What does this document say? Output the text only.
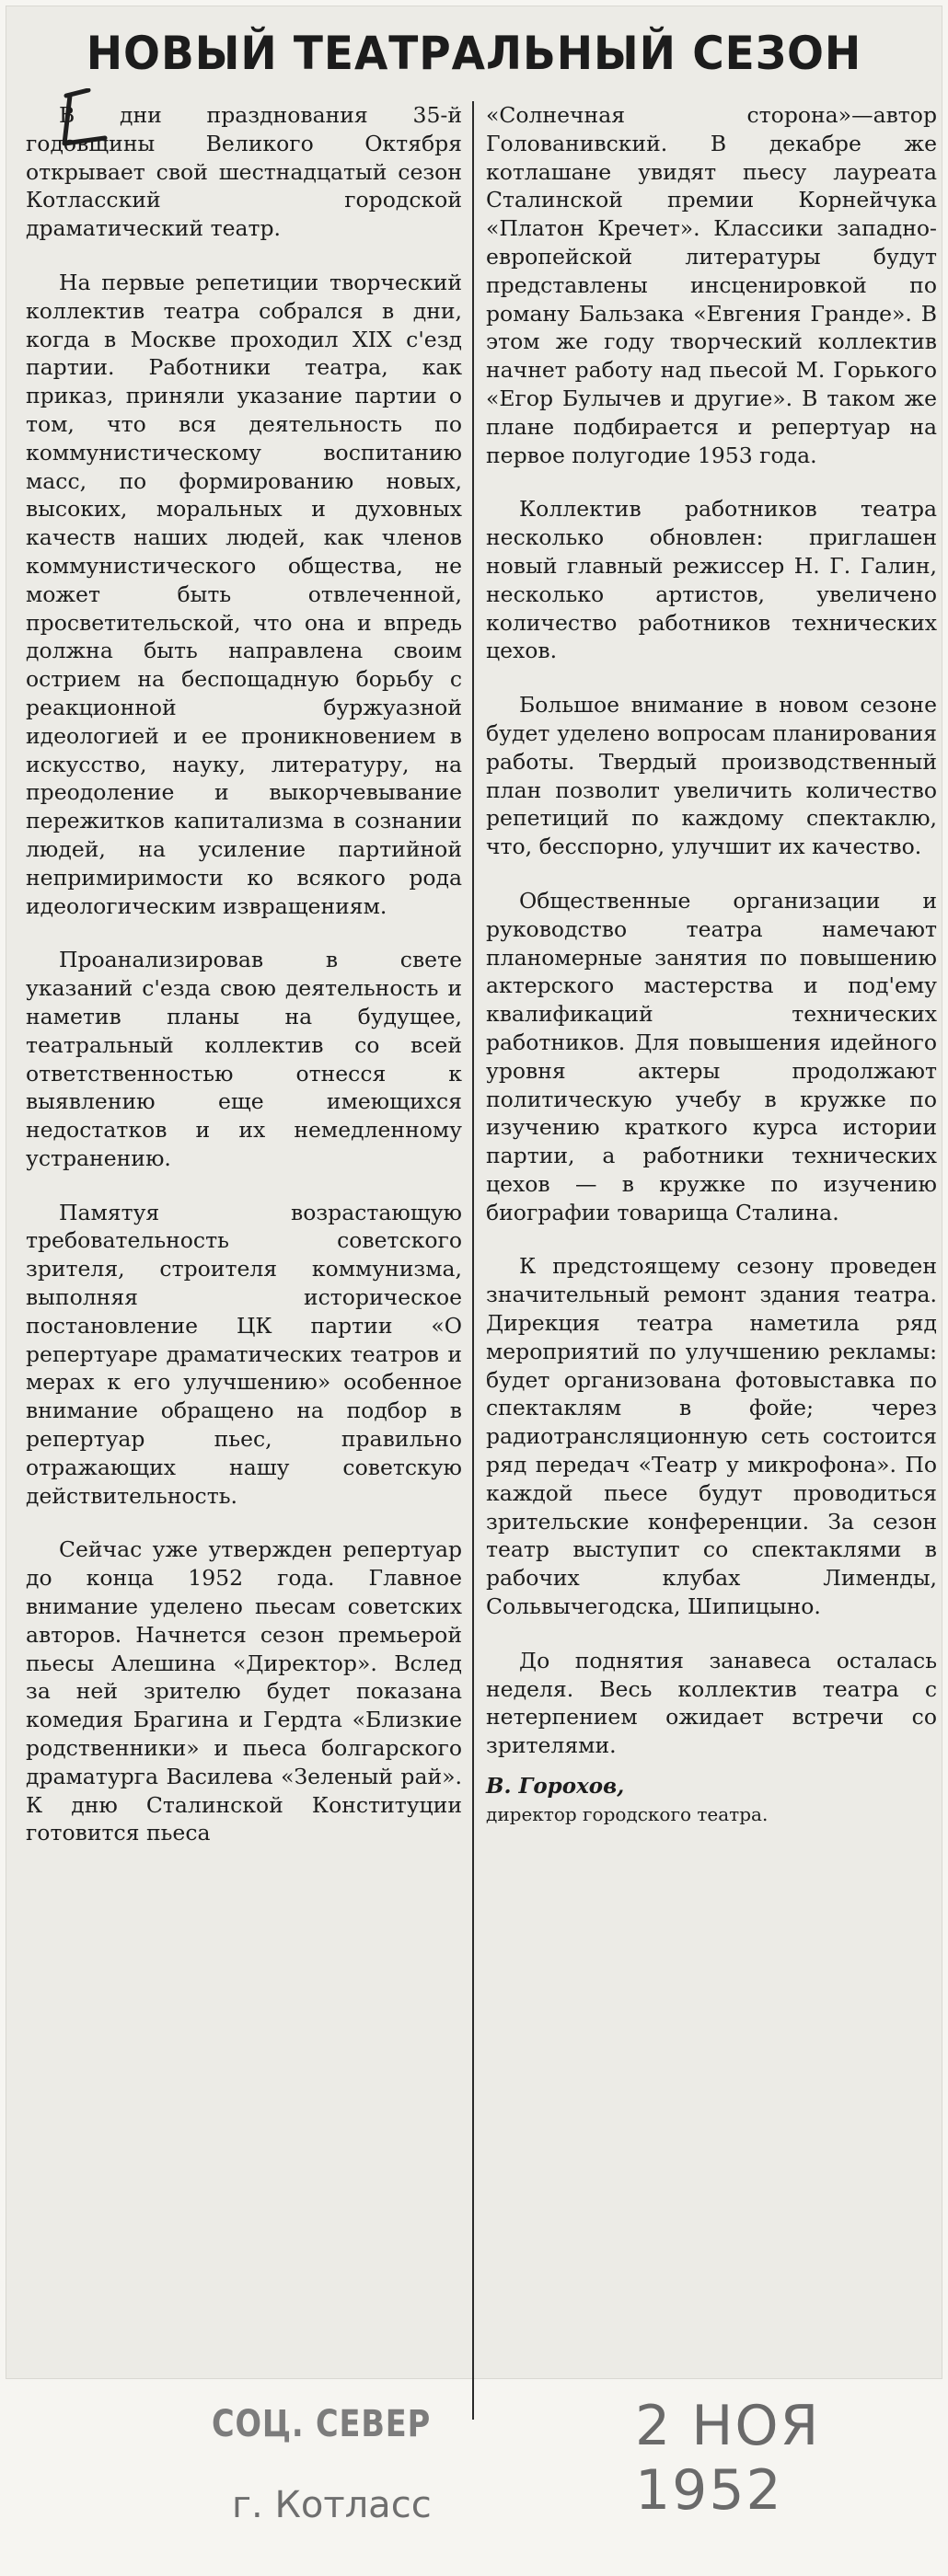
НОВЫЙ ТЕАТРАЛЬНЫЙ СЕЗОН

В дни празднования 35-й годовщины Великого Октября открывает свой шестнадцатый сезон Котласский городской драматический театр.

На первые репетиции творческий коллектив театра собрался в дни, когда в Москве проходил XIX с'езд партии. Работники театра, как приказ, приняли указание партии о том, что вся деятельность по коммунистическому воспитанию масс, по формированию новых, высоких, моральных и духовных качеств наших людей, как членов коммунистического общества, не может быть отвлеченной, просветительской, что она и впредь должна быть направлена своим острием на беспощадную борьбу с реакционной буржуазной идеологией и ее проникновением в искусство, науку, литературу, на преодоление и выкорчевывание пережитков капитализма в сознании людей, на усиление партийной непримиримости ко всякого рода идеологическим извращениям.

Проанализировав в свете указаний с'езда свою деятельность и наметив планы на будущее, театральный коллектив со всей ответственностью отнесся к выявлению еще имеющихся недостатков и их немедленному устранению.

Памятуя возрастающую требовательность советского зрителя, строителя коммунизма, выполняя историческое постановление ЦК партии «О репертуаре драматических театров и мерах к его улучшению» особенное внимание обращено на подбор в репертуар пьес, правильно отражающих нашу советскую действительность.

Сейчас уже утвержден репертуар до конца 1952 года. Главное внимание уделено пьесам советских авторов. Начнется сезон премьерой пьесы Алешина «Директор». Вслед за ней зрителю будет показана комедия Брагина и Гердта «Близкие родственники» и пьеса болгарского драматурга Василева «Зеленый рай». К дню Сталинской Конституции готовится пьеса

«Солнечная сторона»—автор Голованивский. В декабре же котлашане увидят пьесу лауреата Сталинской премии Корнейчука «Платон Кречет». Классики западно-европейской литературы будут представлены инсценировкой по роману Бальзака «Евгения Гранде». В этом же году творческий коллектив начнет работу над пьесой М. Горького «Егор Булычев и другие». В таком же плане подбирается и репертуар на первое полугодие 1953 года.

Коллектив работников театра несколько обновлен: приглашен новый главный режиссер Н. Г. Галин, несколько артистов, увеличено количество работников технических цехов.

Большое внимание в новом сезоне будет уделено вопросам планирования работы. Твердый производственный план позволит увеличить количество репетиций по каждому спектаклю, что, бесспорно, улучшит их качество.

Общественные организации и руководство театра намечают планомерные занятия по повышению актерского мастерства и под'ему квалификаций технических работников. Для повышения идейного уровня актеры продолжают политическую учебу в кружке по изучению краткого курса истории партии, а работники технических цехов — в кружке по изучению биографии товарища Сталина.

К предстоящему сезону проведен значительный ремонт здания театра. Дирекция театра наметила ряд мероприятий по улучшению рекламы: будет организована фотовыставка по спектаклям в фойе; через радиотрансляционную сеть состоится ряд передач «Театр у микрофона». По каждой пьесе будут проводиться зрительские конференции. За сезон театр выступит со спектаклями в рабочих клубах Лименды, Сольвычегодска, Шипицыно.

До поднятия занавеса осталась неделя. Весь коллектив театра с нетерпением ожидает встречи со зрителями.

В. Горохов,
директор городского театра.
СОЦ. СЕВЕР
г. Котласс
2 НОЯ 1952
